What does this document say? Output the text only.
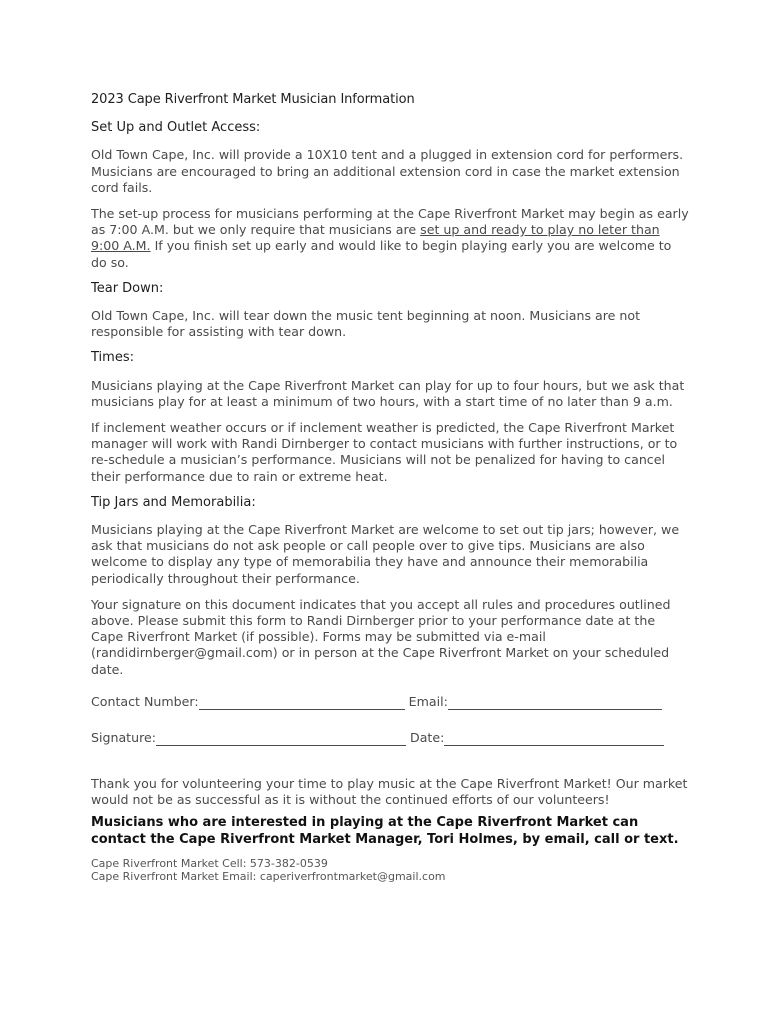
2023 Cape Riverfront Market Musician Information
Set Up and Outlet Access:

Old Town Cape, Inc. will provide a 10X10 tent and a plugged in extension cord for performers. Musicians are encouraged to bring an additional extension cord in case the market extension cord fails.

The set-up process for musicians performing at the Cape Riverfront Market may begin as early as 7:00 A.M. but we only require that musicians are set up and ready to play no leter than 9:00 A.M. If you finish set up early and would like to begin playing early you are welcome to do so.

Tear Down:

Old Town Cape, Inc. will tear down the music tent beginning at noon. Musicians are not responsible for assisting with tear down.

Times:

Musicians playing at the Cape Riverfront Market can play for up to four hours, but we ask that musicians play for at least a minimum of two hours, with a start time of no later than 9 a.m.

If inclement weather occurs or if inclement weather is predicted, the Cape Riverfront Market manager will work with Randi Dirnberger to contact musicians with further instructions, or to re-schedule a musician’s performance. Musicians will not be penalized for having to cancel their performance due to rain or extreme heat.

Tip Jars and Memorabilia:

Musicians playing at the Cape Riverfront Market are welcome to set out tip jars; however, we ask that musicians do not ask people or call people over to give tips. Musicians are also welcome to display any type of memorabilia they have and announce their memorabilia periodically throughout their performance.

Your signature on this document indicates that you accept all rules and procedures outlined above. Please submit this form to Randi Dirnberger prior to your performance date at the Cape Riverfront Market (if possible). Forms may be submitted via e-mail (randidirnberger@gmail.com) or in person at the Cape Riverfront Market on your scheduled date.

Contact Number:	Email:
Signature:	Date:

Thank you for volunteering your time to play music at the Cape Riverfront Market! Our market would not be as successful as it is without the continued efforts of our volunteers!

Musicians who are interested in playing at the Cape Riverfront Market can contact the Cape Riverfront Market Manager, Tori Holmes, by email, call or text.

Cape Riverfront Market Cell: 573-382-0539
Cape Riverfront Market Email: caperiverfrontmarket@gmail.com
